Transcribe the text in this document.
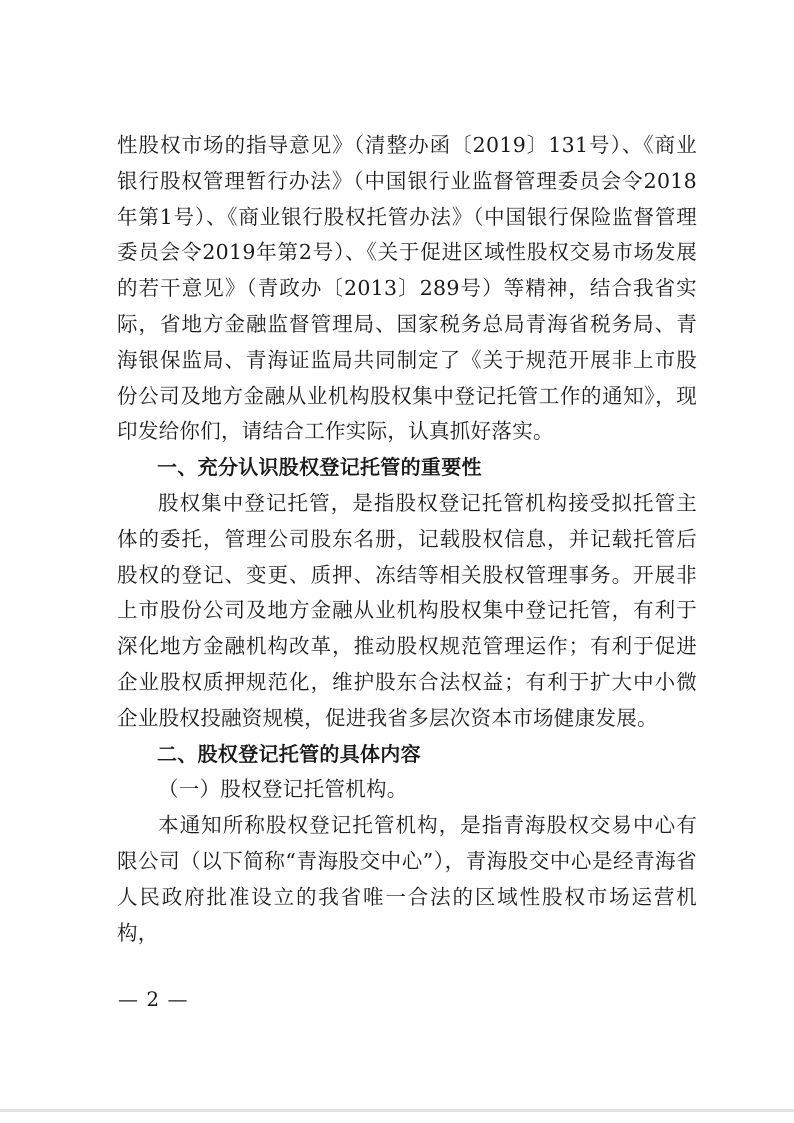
性股权市场的指导意见》（清整办函〔2019〕131号）、《商业银行股权管理暂行办法》（中国银行业监督管理委员会令2018年第1号）、《商业银行股权托管办法》（中国银行保险监督管理委员会令2019年第2号）、《关于促进区域性股权交易市场发展的若干意见》（青政办〔2013〕289号）等精神，结合我省实际，省地方金融监督管理局、国家税务总局青海省税务局、青海银保监局、青海证监局共同制定了《关于规范开展非上市股份公司及地方金融从业机构股权集中登记托管工作的通知》，现印发给你们，请结合工作实际，认真抓好落实。

一、充分认识股权登记托管的重要性

股权集中登记托管，是指股权登记托管机构接受拟托管主体的委托，管理公司股东名册，记载股权信息，并记载托管后股权的登记、变更、质押、冻结等相关股权管理事务。开展非上市股份公司及地方金融从业机构股权集中登记托管，有利于深化地方金融机构改革，推动股权规范管理运作；有利于促进企业股权质押规范化，维护股东合法权益；有利于扩大中小微企业股权投融资规模，促进我省多层次资本市场健康发展。

二、股权登记托管的具体内容

（一）股权登记托管机构。

本通知所称股权登记托管机构，是指青海股权交易中心有限公司（以下简称“青海股交中心”），青海股交中心是经青海省人民政府批准设立的我省唯一合法的区域性股权市场运营机构，

— 2 —
